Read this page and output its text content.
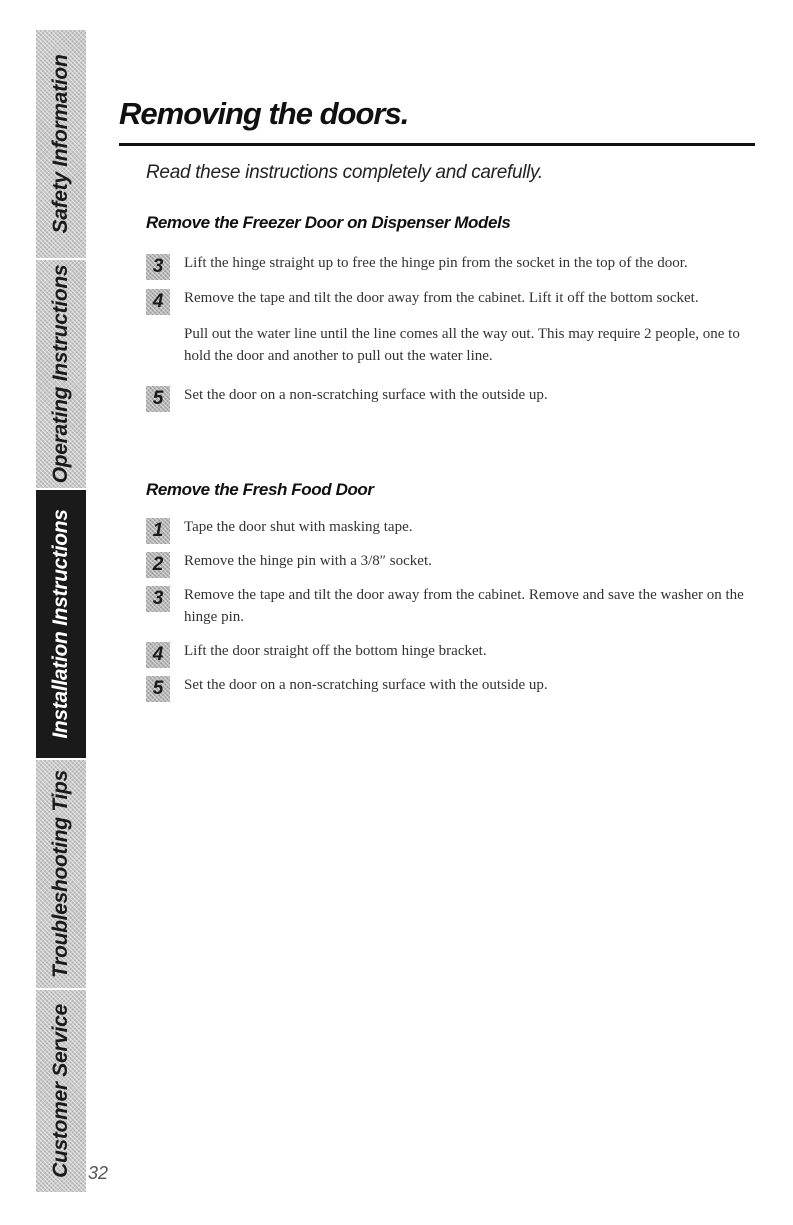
Safety Information
Operating Instructions
Installation Instructions
Troubleshooting Tips
Customer Service 32
Removing the doors.
Read these instructions completely and carefully.
Remove the Freezer Door on Dispenser Models
3	Lift the hinge straight up to free the hinge pin from the socket in the top of the door.
4	Remove the tape and tilt the door away from the cabinet. Lift it off the bottom socket.
Pull out the water line until the line comes all the way out. This may require 2 people, one to hold the door and another to pull out the water line.
5	Set the door on a non-scratching surface with the outside up.
Remove the Fresh Food Door
1	Tape the door shut with masking tape.
2	Remove the hinge pin with a 3/8″ socket.
3	Remove the tape and tilt the door away from the cabinet. Remove and save the washer on the hinge pin.
4	Lift the door straight off the bottom hinge bracket.
5	Set the door on a non-scratching surface with the outside up.
